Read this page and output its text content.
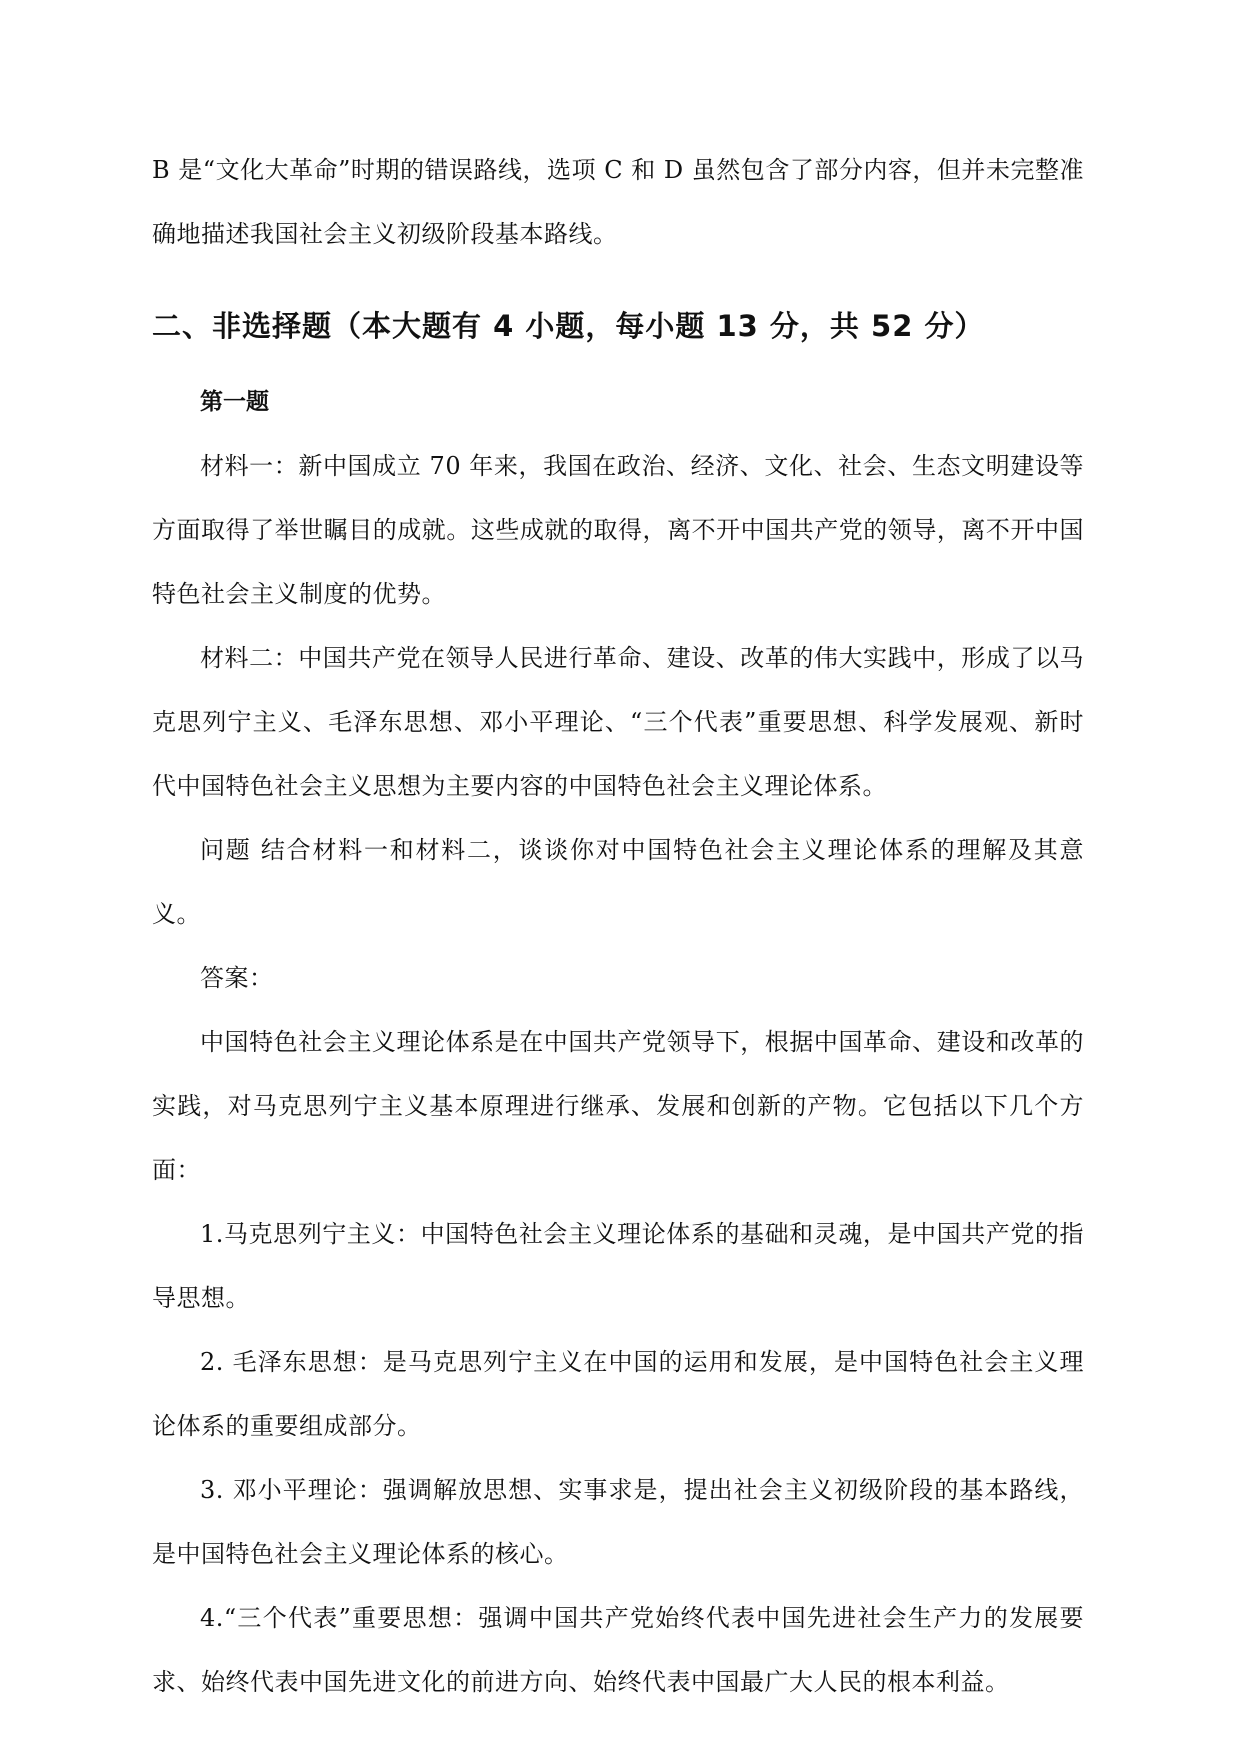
B 是“文化大革命”时期的错误路线，选项 C 和 D 虽然包含了部分内容，但并未完整准确地描述我国社会主义初级阶段基本路线。

二、非选择题（本大题有 4 小题，每小题 13 分，共 52 分）
第一题

材料一：新中国成立 70 年来，我国在政治、经济、文化、社会、生态文明建设等方面取得了举世瞩目的成就。这些成就的取得，离不开中国共产党的领导，离不开中国特色社会主义制度的优势。

材料二：中国共产党在领导人民进行革命、建设、改革的伟大实践中，形成了以马克思列宁主义、毛泽东思想、邓小平理论、“三个代表”重要思想、科学发展观、新时代中国特色社会主义思想为主要内容的中国特色社会主义理论体系。

问题 结合材料一和材料二，谈谈你对中国特色社会主义理论体系的理解及其意义。

答案：

中国特色社会主义理论体系是在中国共产党领导下，根据中国革命、建设和改革的实践，对马克思列宁主义基本原理进行继承、发展和创新的产物。它包括以下几个方面：

1.马克思列宁主义：中国特色社会主义理论体系的基础和灵魂，是中国共产党的指导思想。

2. 毛泽东思想：是马克思列宁主义在中国的运用和发展，是中国特色社会主义理论体系的重要组成部分。

3. 邓小平理论：强调解放思想、实事求是，提出社会主义初级阶段的基本路线，是中国特色社会主义理论体系的核心。

4.“三个代表”重要思想：强调中国共产党始终代表中国先进社会生产力的发展要求、始终代表中国先进文化的前进方向、始终代表中国最广大人民的根本利益。
